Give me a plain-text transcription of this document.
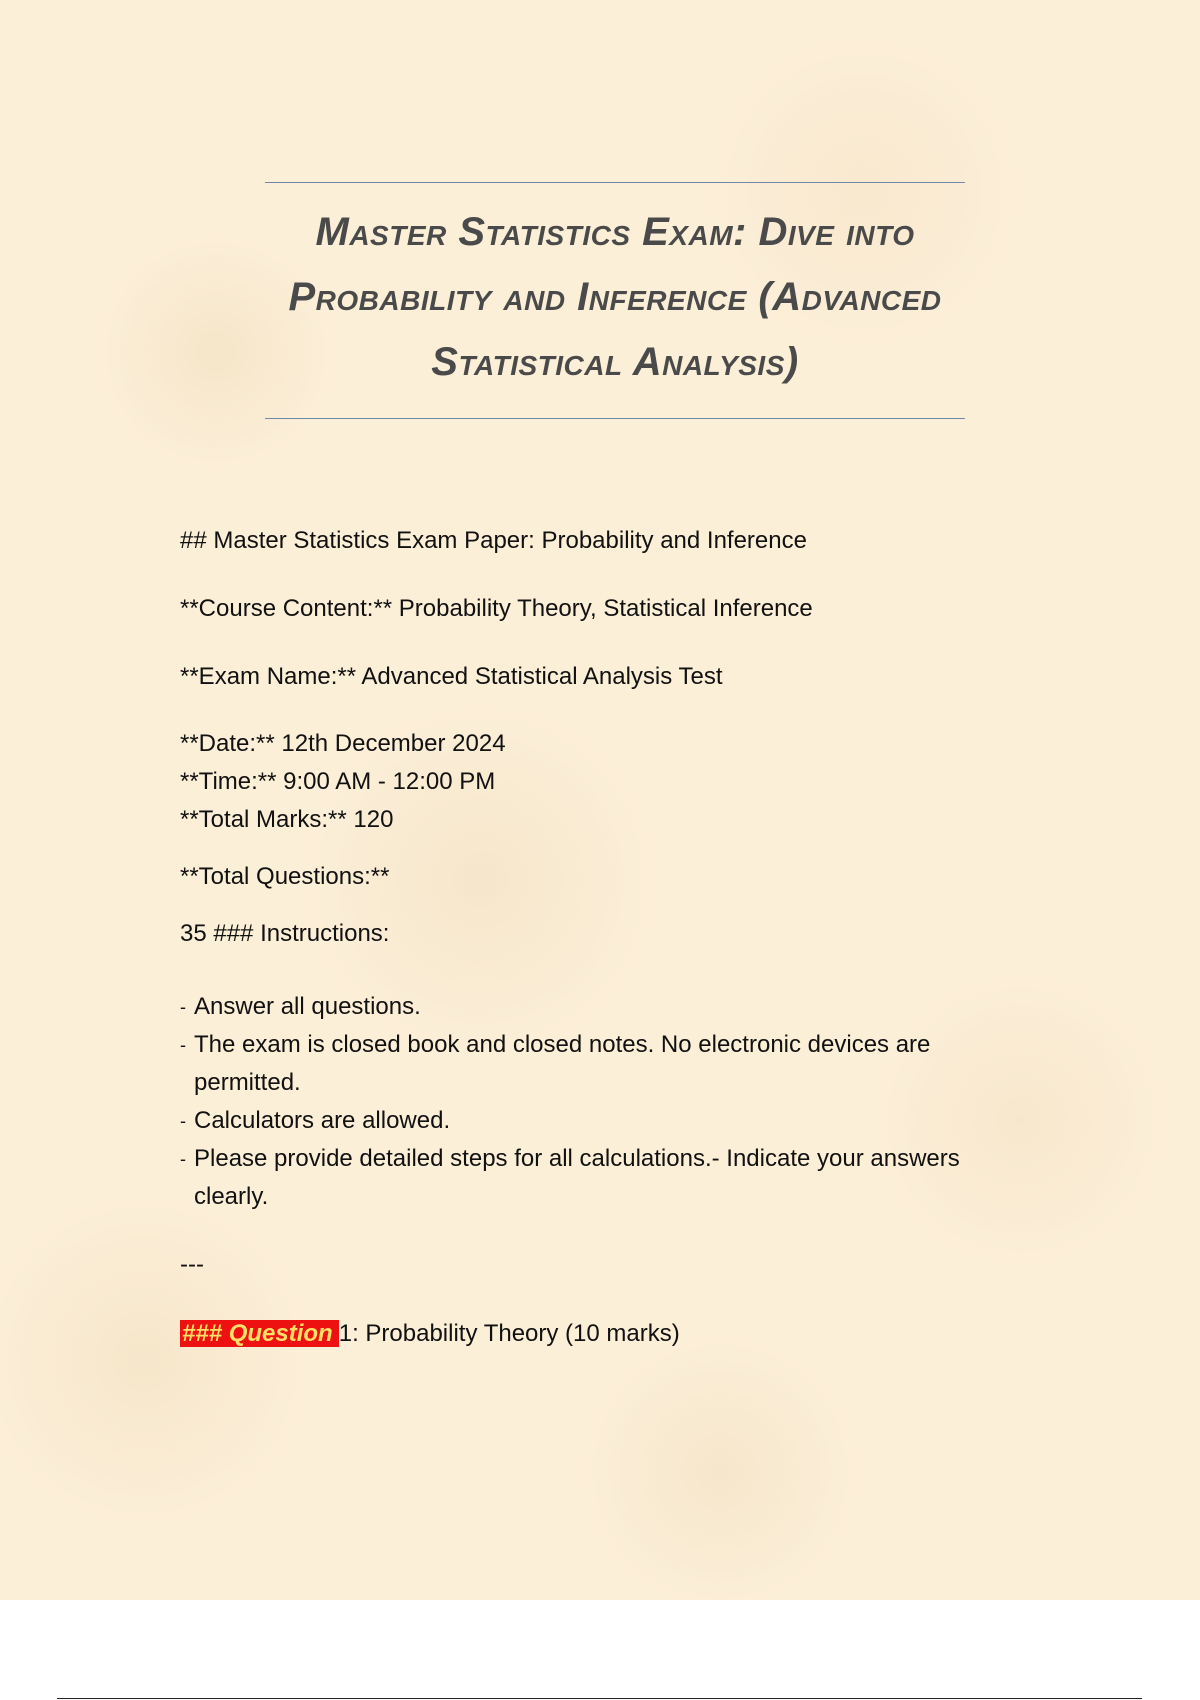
Master Statistics Exam: Dive into Probability and Inference (Advanced Statistical Analysis)
## Master Statistics Exam Paper: Probability and Inference
**Course Content:** Probability Theory, Statistical Inference
**Exam Name:** Advanced Statistical Analysis Test
**Date:** 12th December 2024
**Time:** 9:00 AM - 12:00 PM
**Total Marks:** 120
**Total Questions:**
35 ### Instructions:
- Answer all questions.
- The exam is closed book and closed notes. No electronic devices are permitted.
- Calculators are allowed.
- Please provide detailed steps for all calculations.- Indicate your answers clearly.
---
### Question 1: Probability Theory (10 marks)
